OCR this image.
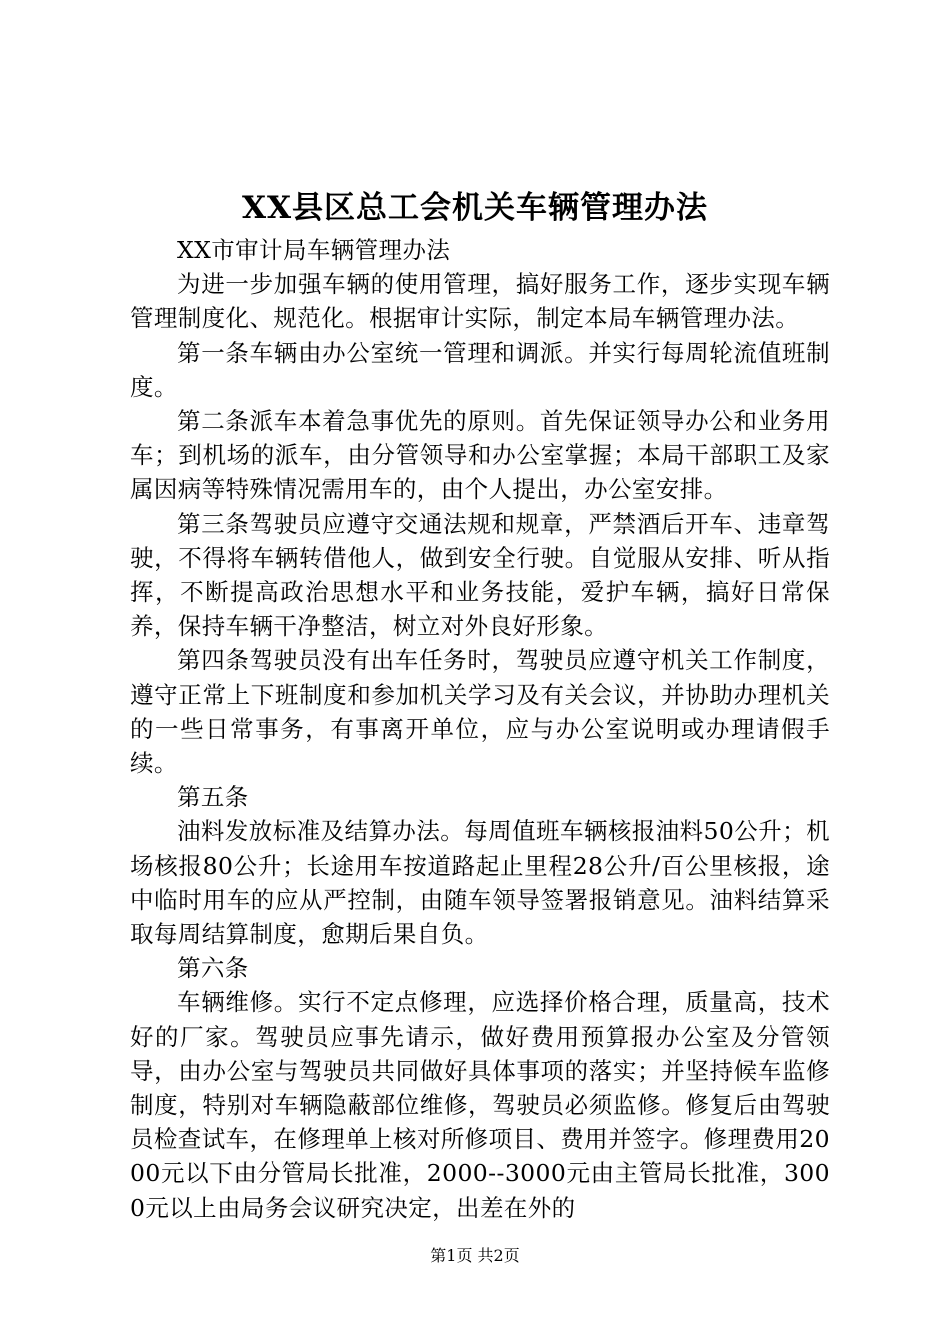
XX县区总工会机关车辆管理办法

XX市审计局车辆管理办法

为进一步加强车辆的使用管理，搞好服务工作，逐步实现车辆管理制度化、规范化。根据审计实际，制定本局车辆管理办法。

第一条车辆由办公室统一管理和调派。并实行每周轮流值班制度。

第二条派车本着急事优先的原则。首先保证领导办公和业务用车；到机场的派车，由分管领导和办公室掌握；本局干部职工及家属因病等特殊情况需用车的，由个人提出，办公室安排。

第三条驾驶员应遵守交通法规和规章，严禁酒后开车、违章驾驶，不得将车辆转借他人，做到安全行驶。自觉服从安排、听从指挥，不断提高政治思想水平和业务技能，爱护车辆，搞好日常保养，保持车辆干净整洁，树立对外良好形象。

第四条驾驶员没有出车任务时，驾驶员应遵守机关工作制度，遵守正常上下班制度和参加机关学习及有关会议，并协助办理机关的一些日常事务，有事离开单位，应与办公室说明或办理请假手续。

第五条

油料发放标准及结算办法。每周值班车辆核报油料50公升；机场核报80公升；长途用车按道路起止里程28公升/百公里核报，途中临时用车的应从严控制，由随车领导签署报销意见。油料结算采取每周结算制度，愈期后果自负。

第六条

车辆维修。实行不定点修理，应选择价格合理，质量高，技术好的厂家。驾驶员应事先请示，做好费用预算报办公室及分管领导，由办公室与驾驶员共同做好具体事项的落实；并坚持候车监修制度，特别对车辆隐蔽部位维修，驾驶员必须监修。修复后由驾驶员检查试车，在修理单上核对所修项目、费用并签字。修理费用2000元以下由分管局长批准，2000--3000元由主管局长批准，3000元以上由局务会议研究决定，出差在外的

第1页 共2页
